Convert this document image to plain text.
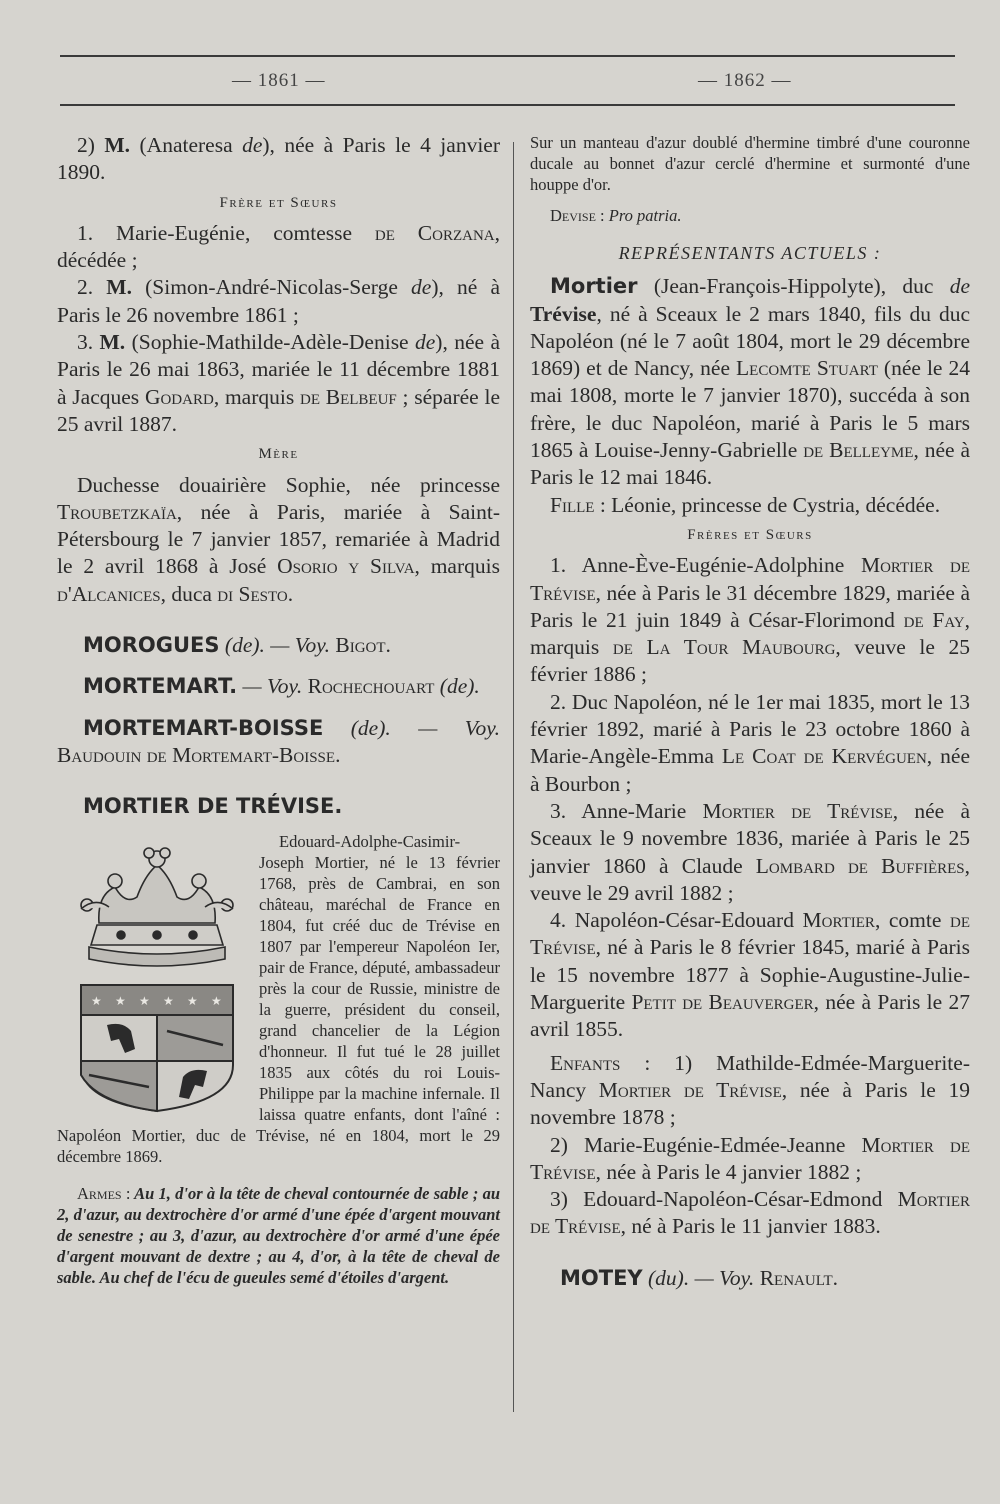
— 1861 —	— 1862 —

2) M. (Anateresa de), née à Paris le 4 janvier 1890.

Frère et Sœurs

1. Marie-Eugénie, comtesse de Corzana, décédée ;

2. M. (Simon-André-Nicolas-Serge de), né à Paris le 26 novembre 1861 ;

3. M. (Sophie-Mathilde-Adèle-Denise de), née à Paris le 26 mai 1863, mariée le 11 décembre 1881 à Jacques Godard, marquis de Belbeuf ; séparée le 25 avril 1887.

Mère

Duchesse douairière Sophie, née princesse Troubetzkaïa, née à Paris, mariée à Saint-Pétersbourg le 7 janvier 1857, remariée à Madrid le 2 avril 1868 à José Osorio y Silva, marquis d'Alcanices, duca di Sesto.

MOROGUES (de). — Voy. Bigot.

MORTEMART. — Voy. Rochechouart (de).

MORTEMART-BOISSE (de). — Voy. Baudouin de Mortemart-Boisse.

MORTIER DE TRÉVISE.

★ ★ ★ ★ ★ ★

Edouard-Adolphe-Casimir-Joseph Mortier, né le 13 février 1768, près de Cambrai, en son château, maréchal de France en 1804, fut créé duc de Trévise en 1807 par l'empereur Napoléon Ier, pair de France, député, ambassadeur près la cour de Russie, ministre de la guerre, président du conseil, grand chancelier de la Légion d'honneur. Il fut tué le 28 juillet 1835 aux côtés du roi Louis-Philippe par la machine infernale. Il laissa quatre enfants, dont l'aîné : Napoléon Mortier, duc de Trévise, né en 1804, mort le 29 décembre 1869.

Armes : Au 1, d'or à la tête de cheval contournée de sable ; au 2, d'azur, au dextrochère d'or armé d'une épée d'argent mouvant de senestre ; au 3, d'azur, au dextrochère d'or armé d'une épée d'argent mouvant de dextre ; au 4, d'or, à la tête de cheval de sable. Au chef de l'écu de gueules semé d'étoiles d'argent.

Sur un manteau d'azur doublé d'hermine timbré d'une couronne ducale au bonnet d'azur cerclé d'hermine et surmonté d'une houppe d'or.

Devise : Pro patria.

REPRÉSENTANTS ACTUELS :

Mortier (Jean-François-Hippolyte), duc de Trévise, né à Sceaux le 2 mars 1840, fils du duc Napoléon (né le 7 août 1804, mort le 29 décembre 1869) et de Nancy, née Lecomte Stuart (née le 24 mai 1808, morte le 7 janvier 1870), succéda à son frère, le duc Napoléon, marié à Paris le 5 mars 1865 à Louise-Jenny-Gabrielle de Belleyme, née à Paris le 12 mai 1846.

Fille : Léonie, princesse de Cystria, décédée.

Frères et Sœurs

1. Anne-Ève-Eugénie-Adolphine Mortier de Trévise, née à Paris le 31 décembre 1829, mariée à Paris le 21 juin 1849 à César-Florimond de Fay, marquis de La Tour Maubourg, veuve le 25 février 1886 ;

2. Duc Napoléon, né le 1er mai 1835, mort le 13 février 1892, marié à Paris le 23 octobre 1860 à Marie-Angèle-Emma Le Coat de Kervéguen, née à Bourbon ;

3. Anne-Marie Mortier de Trévise, née à Sceaux le 9 novembre 1836, mariée à Paris le 25 janvier 1860 à Claude Lombard de Buffières, veuve le 29 avril 1882 ;

4. Napoléon-César-Edouard Mortier, comte de Trévise, né à Paris le 8 février 1845, marié à Paris le 15 novembre 1877 à Sophie-Augustine-Julie-Marguerite Petit de Beauverger, née à Paris le 27 avril 1855.

Enfants : 1) Mathilde-Edmée-Marguerite-Nancy Mortier de Trévise, née à Paris le 19 novembre 1878 ;

2) Marie-Eugénie-Edmée-Jeanne Mortier de Trévise, née à Paris le 4 janvier 1882 ;

3) Edouard-Napoléon-César-Edmond Mortier de Trévise, né à Paris le 11 janvier 1883.

MOTEY (du). — Voy. Renault.
